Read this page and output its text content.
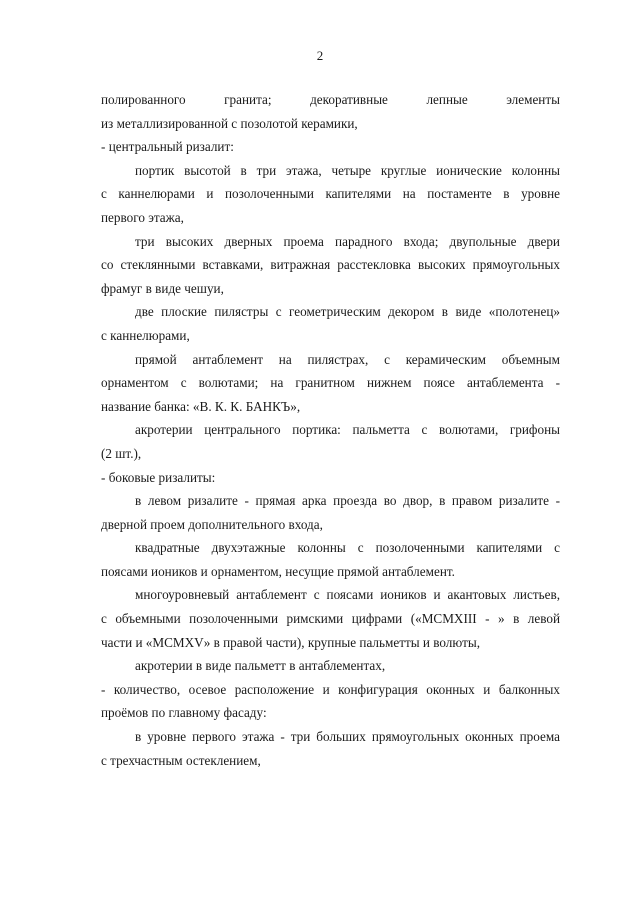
2
полированного гранита; декоративные лепные элементы
из металлизированной с позолотой керамики,
- центральный ризалит:
портик высотой в три этажа, четыре круглые ионические колонны
с каннелюрами и позолоченными капителями на постаменте в уровне
первого этажа,
три высоких дверных проема парадного входа; двупольные двери
со стеклянными вставками, витражная расстекловка высоких прямоугольных
фрамуг в виде чешуи,
две плоские пилястры с геометрическим декором в виде «полотенец»
с каннелюрами,
прямой антаблемент на пилястрах, с керамическим объемным
орнаментом с волютами; на гранитном нижнем поясе антаблемента -
название банка: «В. К. К. БАНКЪ»,
акротерии центрального портика: пальметта с волютами, грифоны
(2 шт.),
- боковые ризалиты:
в левом ризалите - прямая арка проезда во двор, в правом ризалите -
дверной проем дополнительного входа,
квадратные двухэтажные колонны с позолоченными капителями с
поясами иоников и орнаментом, несущие прямой антаблемент.
многоуровневый антаблемент с поясами иоников и акантовых листьев,
с объемными позолоченными римскими цифрами («MCMXIII - » в левой
части и «MCMXV» в правой части), крупные пальметты и волюты,
акротерии в виде пальметт в антаблементах,
- количество, осевое расположение и конфигурация оконных и балконных
проёмов по главному фасаду:
в уровне первого этажа - три больших прямоугольных оконных проема
с трехчастным остеклением,
